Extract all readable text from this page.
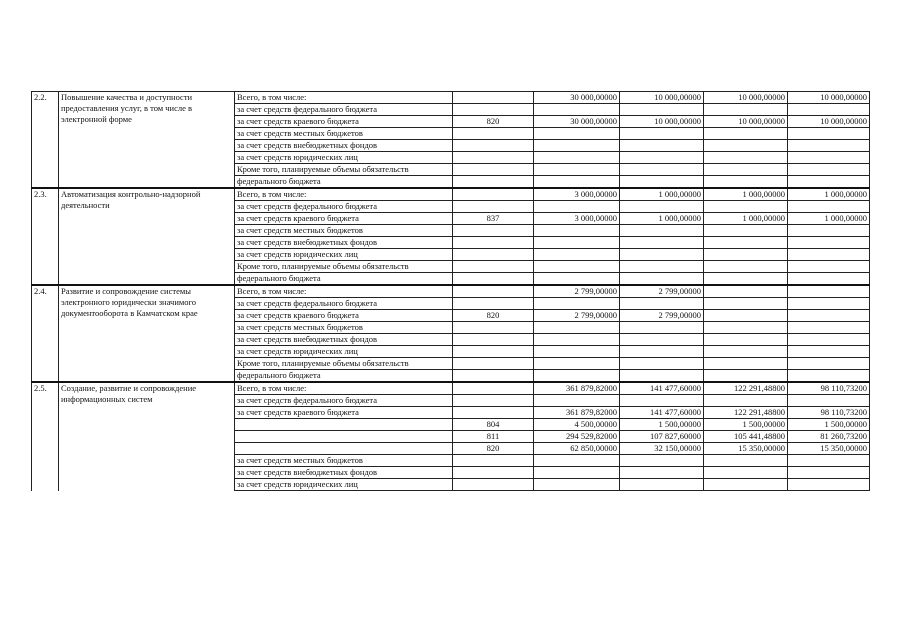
2.2.	Повышение качества и доступности предоставления услуг, в том числе в электронной форме	Всего, в том числе:		30 000,00000	10 000,00000	10 000,00000	10 000,00000
		за счет средств федерального бюджета					
		за счет средств краевого бюджета	820	30 000,00000	10 000,00000	10 000,00000	10 000,00000
		за счет средств местных бюджетов					
		за счет средств внебюджетных фондов					
		за счет средств юридических лиц					
		Кроме того, планируемые объемы обязательств					
		федерального бюджета					
2.3.	Автоматизация контрольно-надзорной деятельности	Всего, в том числе:		3 000,00000	1 000,00000	1 000,00000	1 000,00000
		за счет средств федерального бюджета					
		за счет средств краевого бюджета	837	3 000,00000	1 000,00000	1 000,00000	1 000,00000
		за счет средств местных бюджетов					
		за счет средств внебюджетных фондов					
		за счет средств юридических лиц					
		Кроме того, планируемые объемы обязательств					
		федерального бюджета					
2.4.	Развитие и сопровождение системы электронного юридически значимого документооборота в Камчатском крае	Всего, в том числе:		2 799,00000	2 799,00000		
		за счет средств федерального бюджета					
		за счет средств краевого бюджета	820	2 799,00000	2 799,00000		
		за счет средств местных бюджетов					
		за счет средств внебюджетных фондов					
		за счет средств юридических лиц					
		Кроме того, планируемые объемы обязательств					
		федерального бюджета					
2.5.	Создание, развитие и сопровождение информационных систем	Всего, в том числе:		361 879,82000	141 477,60000	122 291,48800	98 110,73200
		за счет средств федерального бюджета					
		за счет средств краевого бюджета		361 879,82000	141 477,60000	122 291,48800	98 110,73200
			804	4 500,00000	1 500,00000	1 500,00000	1 500,00000
			811	294 529,82000	107 827,60000	105 441,48800	81 260,73200
			820	62 850,00000	32 150,00000	15 350,00000	15 350,00000
		за счет средств местных бюджетов					
		за счет средств внебюджетных фондов					
		за счет средств юридических лиц					
